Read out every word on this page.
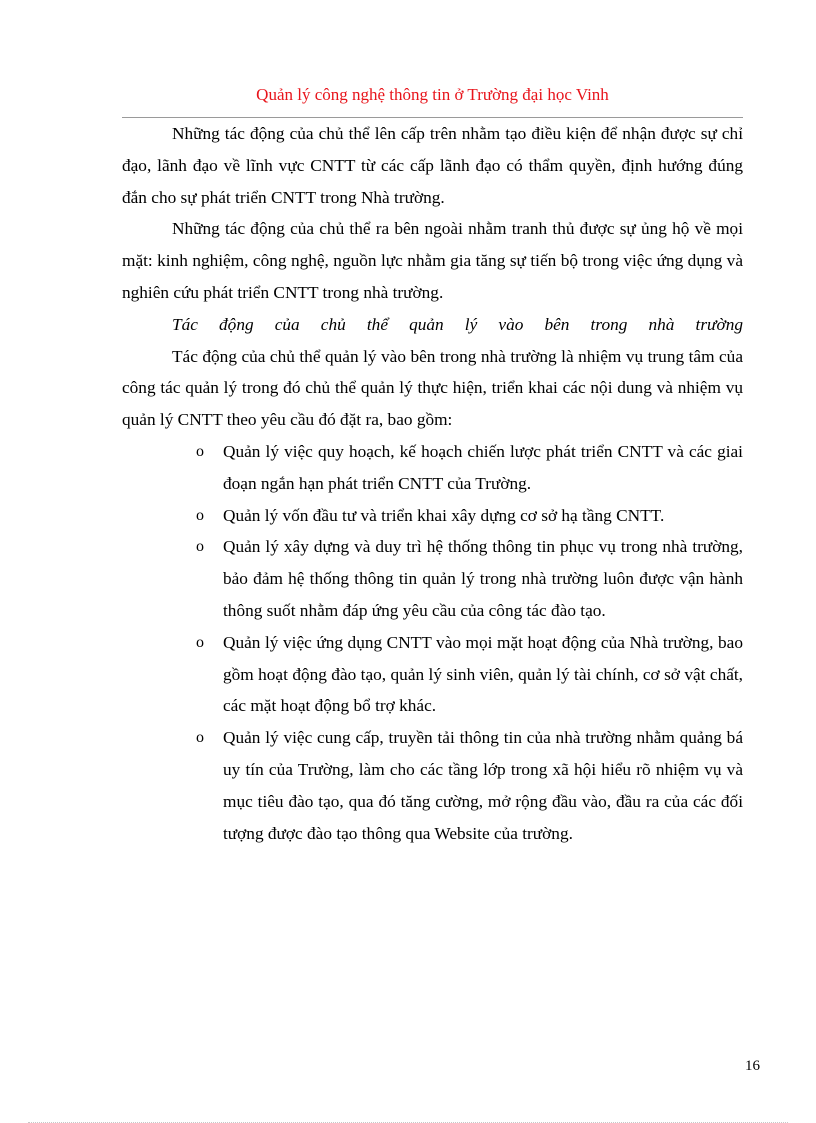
Quản lý công nghệ thông tin ở Trường đại học Vinh

Những tác động của chủ thể lên cấp trên nhằm tạo điều kiện để nhận được sự chỉ đạo, lãnh đạo về lĩnh vực CNTT từ các cấp lãnh đạo có thẩm quyền, định hướng đúng đắn cho sự phát triển CNTT trong Nhà trường.

Những tác động của chủ thể ra bên ngoài nhằm tranh thủ được sự ủng hộ về mọi mặt: kinh nghiệm, công nghệ, nguồn lực nhằm gia tăng sự tiến bộ trong việc ứng dụng và nghiên cứu phát triển CNTT trong nhà trường.

Tác động của chủ thể quản lý vào bên trong nhà trường

Tác động của chủ thể quản lý vào bên trong nhà trường là nhiệm vụ trung tâm của công tác quản lý trong đó chủ thể quản lý thực hiện, triển khai các nội dung và nhiệm vụ quản lý CNTT theo yêu cầu đó đặt ra, bao gồm:

o Quản lý việc quy hoạch, kế hoạch chiến lược phát triển CNTT và các giai đoạn ngắn hạn phát triển CNTT của Trường.
o Quản lý vốn đầu tư và triển khai xây dựng cơ sở hạ tầng CNTT.
o Quản lý xây dựng và duy trì hệ thống thông tin phục vụ trong nhà trường, bảo đảm hệ thống thông tin quản lý trong nhà trường luôn được vận hành thông suốt nhằm đáp ứng yêu cầu của công tác đào tạo.
o Quản lý việc ứng dụng CNTT vào mọi mặt hoạt động của Nhà trường, bao gồm hoạt động đào tạo, quản lý sinh viên, quản lý tài chính, cơ sở vật chất, các mặt hoạt động bổ trợ khác.
o Quản lý việc cung cấp, truyền tải thông tin của nhà trường nhằm quảng bá uy tín của Trường, làm cho các tầng lớp trong xã hội hiểu rõ nhiệm vụ và mục tiêu đào tạo, qua đó tăng cường, mở rộng đầu vào, đầu ra của các đối tượng được đào tạo thông qua Website của trường.
16
